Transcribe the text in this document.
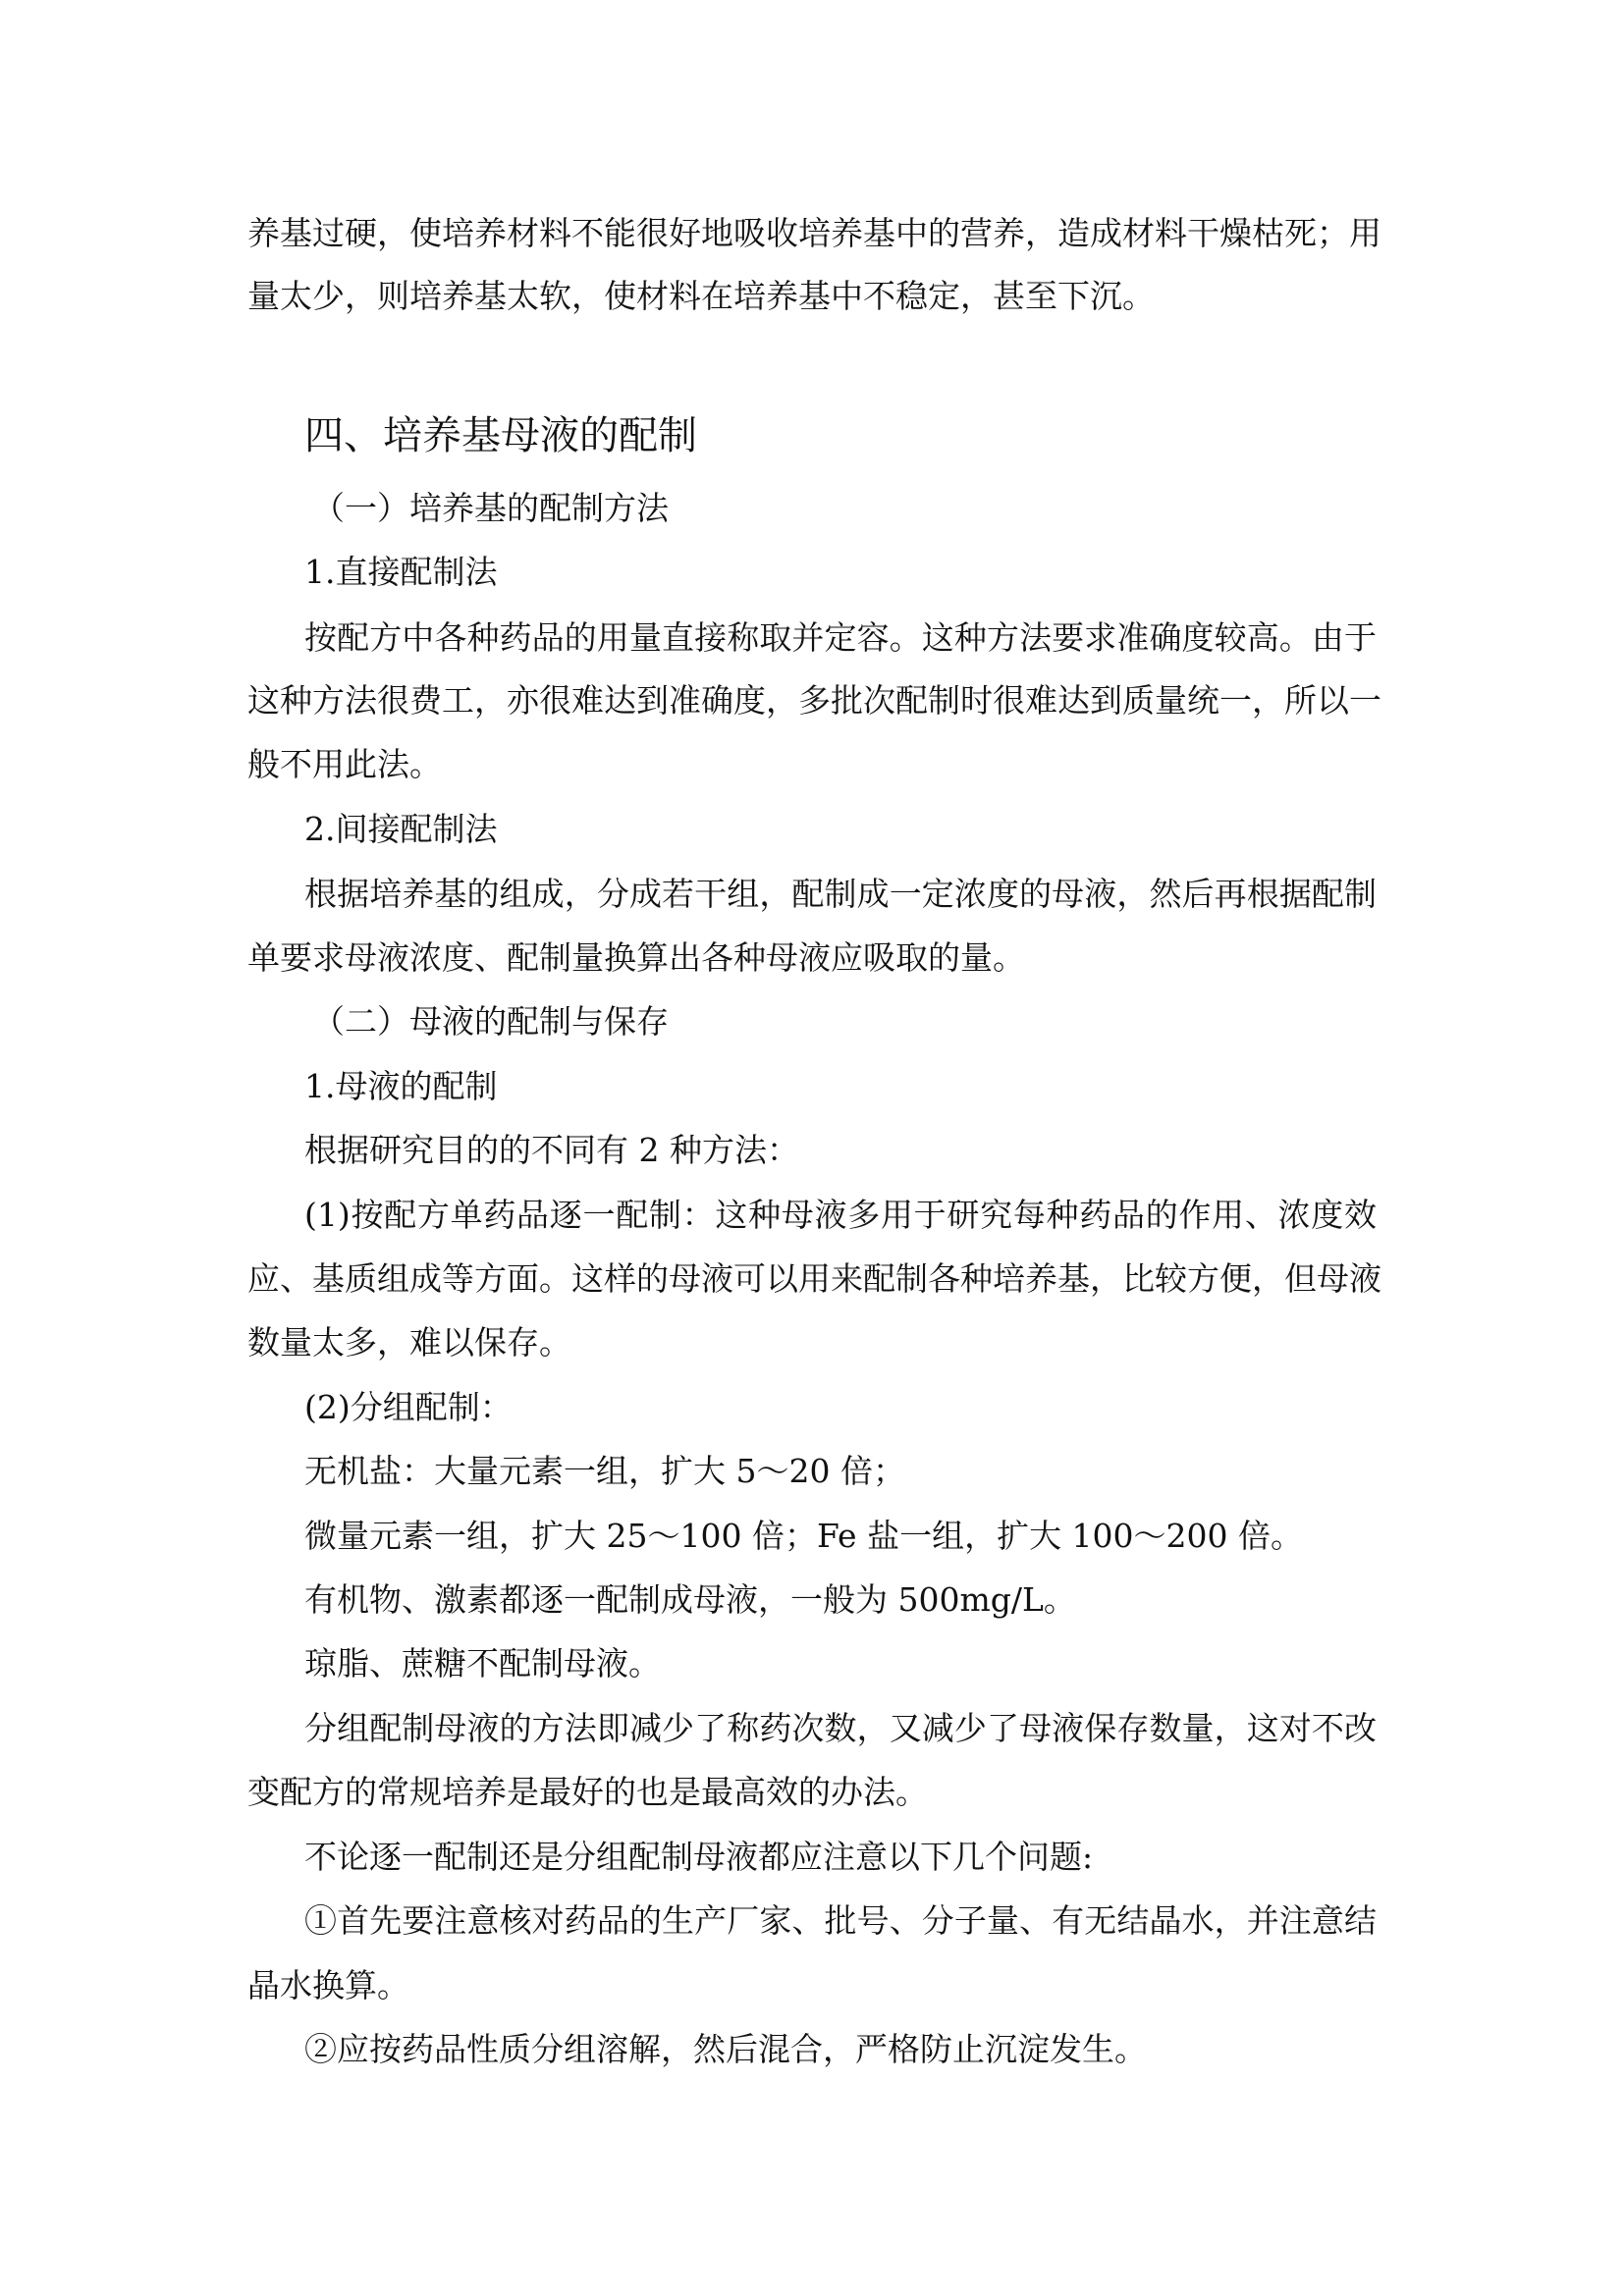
养基过硬，使培养材料不能很好地吸收培养基中的营养，造成材料干燥枯死；用
量太少，则培养基太软，使材料在培养基中不稳定，甚至下沉。
四、培养基母液的配制
（一）培养基的配制方法
1.直接配制法
按配方中各种药品的用量直接称取并定容。这种方法要求准确度较高。由于
这种方法很费工，亦很难达到准确度，多批次配制时很难达到质量统一，所以一
般不用此法。
2.间接配制法
根据培养基的组成，分成若干组，配制成一定浓度的母液，然后再根据配制
单要求母液浓度、配制量换算出各种母液应吸取的量。
（二）母液的配制与保存
1.母液的配制
根据研究目的的不同有 2 种方法：
(1)按配方单药品逐一配制：这种母液多用于研究每种药品的作用、浓度效
应、基质组成等方面。这样的母液可以用来配制各种培养基，比较方便，但母液
数量太多，难以保存。
(2)分组配制：
无机盐：大量元素一组，扩大 5～20 倍；
微量元素一组，扩大 25～100 倍；Fe 盐一组，扩大 100～200 倍。
有机物、激素都逐一配制成母液，一般为 500mg/L。
琼脂、蔗糖不配制母液。
分组配制母液的方法即减少了称药次数，又减少了母液保存数量，这对不改
变配方的常规培养是最好的也是最高效的办法。
不论逐一配制还是分组配制母液都应注意以下几个问题:
①首先要注意核对药品的生产厂家、批号、分子量、有无结晶水，并注意结
晶水换算。
②应按药品性质分组溶解，然后混合，严格防止沉淀发生。
